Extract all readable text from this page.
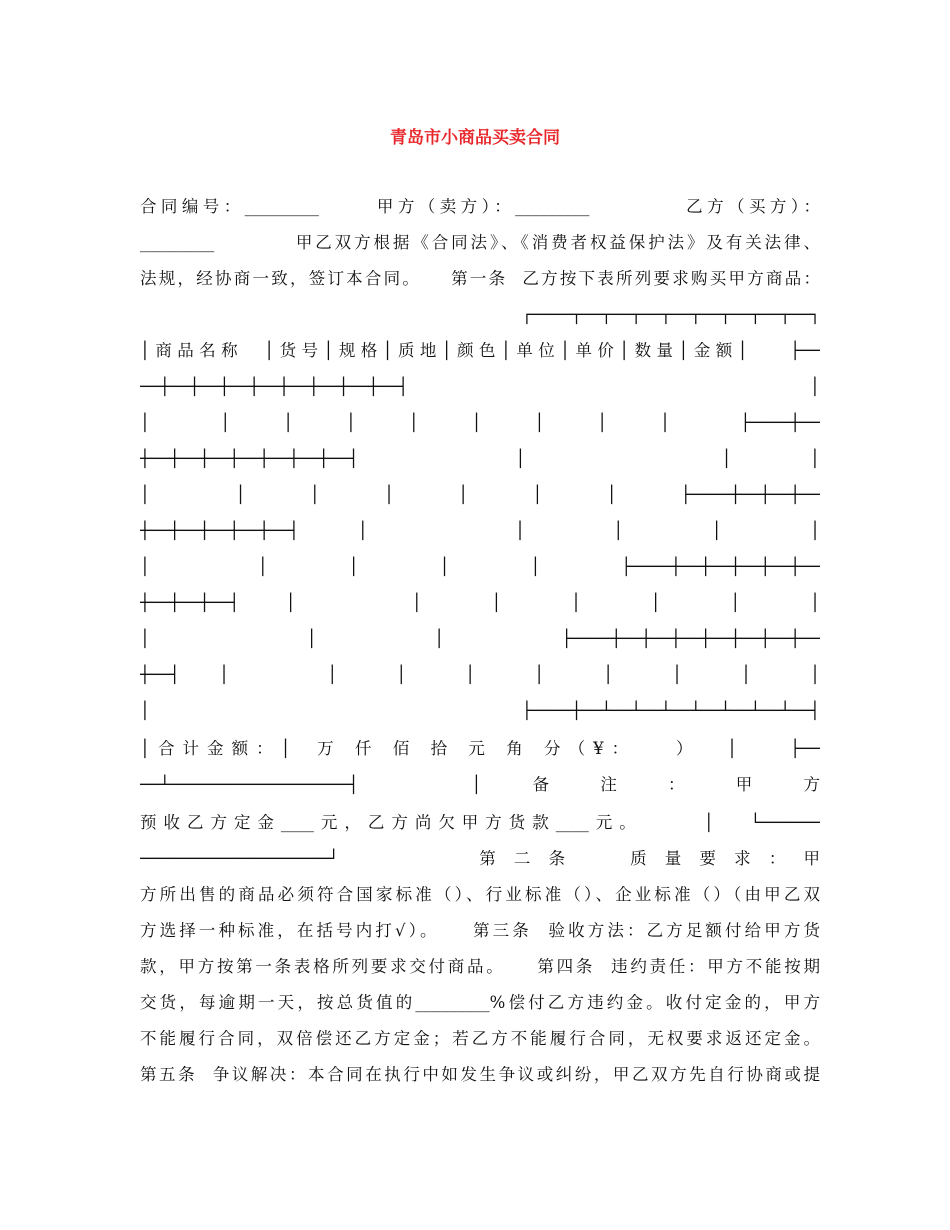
青岛市小商品买卖合同
合同编号：_________      甲方（卖方）：_________          乙方（买方）：
_________          甲乙双方根据《合同法》、《消费者权益保护法》及有关法律、
法规，经协商一致，签订本合同。    第一条  乙方按下表所列要求购买甲方商品：
┌────┬──┬──┬──┬──┬──┬──┬──┬──┐
│商品名称  │货号│规格│质地│颜色│单位│单价│数量│金额│    ├──
──┼──┼──┼──┼──┼──┼──┼──┼──┤    │
│    │   │   │   │   │   │   │   │    ├────┼──
┼──┼──┼──┼──┼──┼──┼──┤    │     │  │
│    │   │   │   │   │   │   ├────┼──┼──┼──
┼──┼──┼──┼──┼──┤  │     │   │   │   │
│    │   │   │   │   ├────┼──┼──┼──┼──┼──
┼──┼──┼──┤  │     │   │   │   │   │   │
│    │   │   ├────┼──┼──┼──┼──┼──┼──┼──
┼──┤  │     │   │   │   │   │   │   │   │
│    ├────┼──┴──┴──┴──┴──┴──┴──┴──┤
│合计金额：│  万 仟 佰 拾 元 角 分（¥：   ）  │    ├──
──┴──────────────────┤  │备注：甲方
预收乙方定金____元，乙方尚欠甲方货款____元。     │   └──────
───────────────────┘      第二条  质量要求：甲
方所出售的商品必须符合国家标准（）、行业标准（）、企业标准（）（由甲乙双
方选择一种标准，在括号内打√）。    第三条  验收方法：乙方足额付给甲方货
款，甲方按第一条表格所列要求交付商品。    第四条  违约责任：甲方不能按期
交货，每逾期一天，按总货值的_________%偿付乙方违约金。收付定金的，甲方
不能履行合同，双倍偿还乙方定金；若乙方不能履行合同，无权要求返还定金。
第五条  争议解决：本合同在执行中如发生争议或纠纷，甲乙双方先自行协商或提
